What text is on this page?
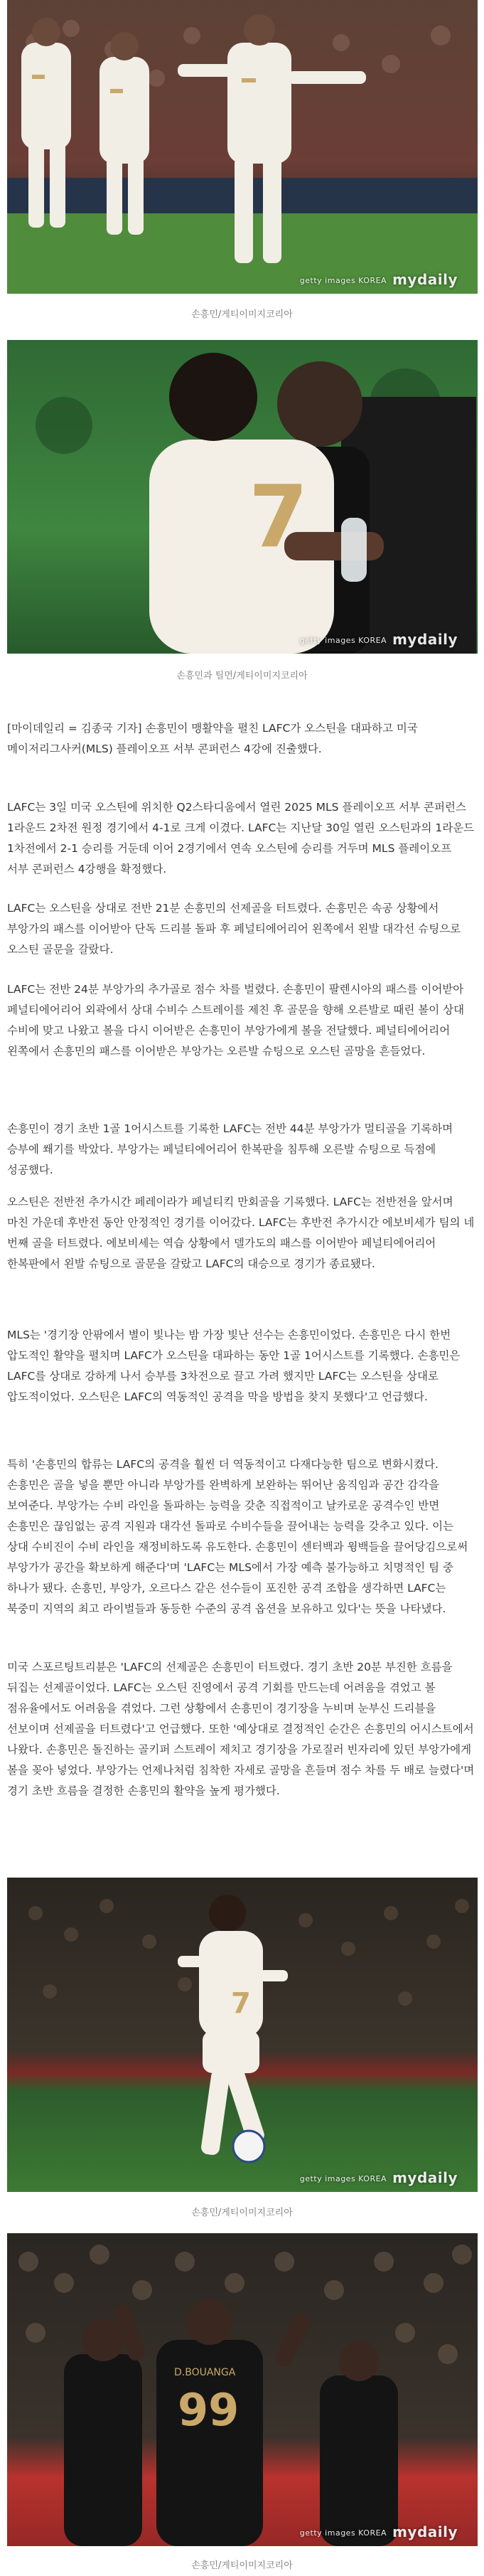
getty images KOREA mydaily
손흥민/게티이미지코리아
7
getty images KOREA mydaily
손흥민과 틸먼/게티이미지코리아

[마이데일리 = 김종국 기자] 손흥민이 맹활약을 펼친 LAFC가 오스틴을 대파하고 미국 메이저리그사커(MLS) 플레이오프 서부 콘퍼런스 4강에 진출했다.

LAFC는 3일 미국 오스틴에 위치한 Q2스타디움에서 열린 2025 MLS 플레이오프 서부 콘퍼런스 1라운드 2차전 원정 경기에서 4-1로 크게 이겼다. LAFC는 지난달 30일 열린 오스틴과의 1라운드 1차전에서 2-1 승리를 거둔데 이어 2경기에서 연속 오스틴에 승리를 거두며 MLS 플레이오프 서부 콘퍼런스 4강행을 확정했다.

LAFC는 오스틴을 상대로 전반 21분 손흥민의 선제골을 터트렸다. 손흥민은 속공 상황에서 부앙가의 패스를 이어받아 단독 드리블 돌파 후 페널티에어리어 왼쪽에서 왼발 대각선 슈팅으로 오스틴 골문을 갈랐다.

LAFC는 전반 24분 부앙가의 추가골로 점수 차를 벌렸다. 손흥민이 팔렌시아의 패스를 이어받아 페널티에어리어 외곽에서 상대 수비수 스트레이를 제친 후 골문을 향해 오른발로 때린 볼이 상대 수비에 맞고 나왔고 볼을 다시 이어받은 손흥민이 부앙가에게 볼을 전달했다. 페널티에어리어 왼쪽에서 손흥민의 패스를 이어받은 부앙가는 오른발 슈팅으로 오스틴 골망을 흔들었다.

손흥민이 경기 초반 1골 1어시스트를 기록한 LAFC는 전반 44분 부앙가가 멀티골을 기록하며 승부에 쐐기를 박았다. 부앙가는 페널티에어리어 한복판을 침투해 오른발 슈팅으로 득점에 성공했다.

오스틴은 전반전 추가시간 페레이라가 페널티킥 만회골을 기록했다. LAFC는 전반전을 앞서며 마친 가운데 후반전 동안 안정적인 경기를 이어갔다. LAFC는 후반전 추가시간 에보비세가 팀의 네 번째 골을 터트렸다. 에보비세는 역습 상황에서 델가도의 패스를 이어받아 페널티에어리어 한복판에서 왼발 슈팅으로 골문을 갈랐고 LAFC의 대승으로 경기가 종료됐다.

MLS는 '경기장 안팎에서 별이 빛나는 밤 가장 빛난 선수는 손흥민이었다. 손흥민은 다시 한번 압도적인 활약을 펼치며 LAFC가 오스틴을 대파하는 동안 1골 1어시스트를 기록했다. 손흥민은 LAFC를 상대로 강하게 나서 승부를 3차전으로 끌고 가려 했지만 LAFC는 오스틴을 상대로 압도적이었다. 오스틴은 LAFC의 역동적인 공격을 막을 방법을 찾지 못했다'고 언급했다.

특히 '손흥민의 합류는 LAFC의 공격을 훨씬 더 역동적이고 다재다능한 팀으로 변화시켰다. 손흥민은 골을 넣을 뿐만 아니라 부앙가를 완벽하게 보완하는 뛰어난 움직임과 공간 감각을 보여준다. 부앙가는 수비 라인을 돌파하는 능력을 갖춘 직접적이고 날카로운 공격수인 반면 손흥민은 끊임없는 공격 지원과 대각선 돌파로 수비수들을 끌어내는 능력을 갖추고 있다. 이는 상대 수비진이 수비 라인을 재정비하도록 유도한다. 손흥민이 센터백과 윙백들을 끌어당김으로써 부앙가가 공간을 확보하게 해준다'며 'LAFC는 MLS에서 가장 예측 불가능하고 치명적인 팀 중 하나가 됐다. 손흥민, 부앙가, 오르다스 같은 선수들이 포진한 공격 조합을 생각하면 LAFC는 북중미 지역의 최고 라이벌들과 동등한 수준의 공격 옵션을 보유하고 있다'는 뜻을 나타냈다.

미국 스포르팅트리뷴은 'LAFC의 선제골은 손흥민이 터트렸다. 경기 초반 20분 부진한 흐름을 뒤집는 선제골이었다. LAFC는 오스틴 진영에서 공격 기회를 만드는데 어려움을 겪었고 볼 점유율에서도 어려움을 겪었다. 그런 상황에서 손흥민이 경기장을 누비며 눈부신 드리블을 선보이며 선제골을 터트렸다'고 언급했다. 또한 '예상대로 결정적인 순간은 손흥민의 어시스트에서 나왔다. 손흥민은 돌진하는 골키퍼 스트레이 제치고 경기장을 가로질러 빈자리에 있던 부앙가에게 볼을 꽂아 넣었다. 부앙가는 언제나처럼 침착한 자세로 골망을 흔들며 점수 차를 두 배로 늘렸다'며 경기 초반 흐름을 결정한 손흥민의 활약을 높게 평가했다.

7
getty images KOREA mydaily
손흥민/게티이미지코리아
99
D.BOUANGA
getty images KOREA mydaily
손흥민/게티이미지코리아
